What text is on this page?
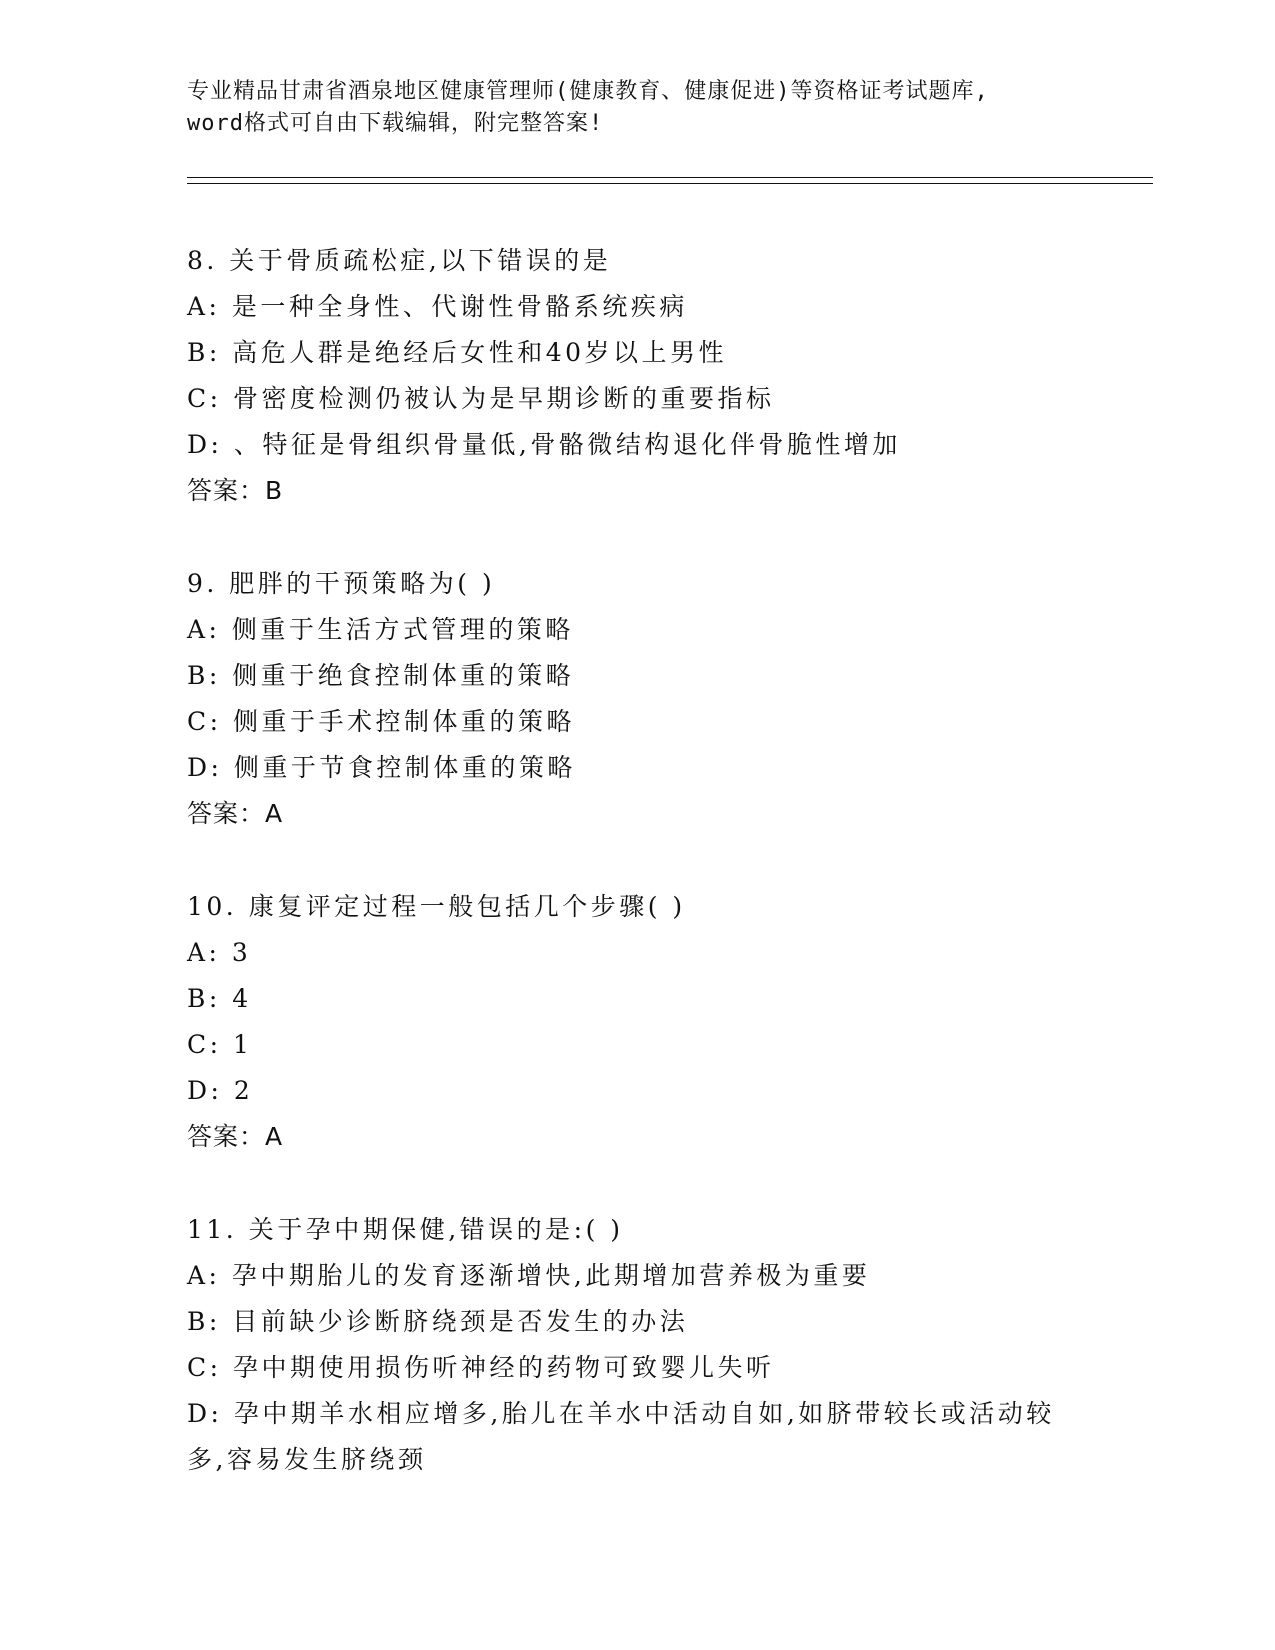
专业精品甘肃省酒泉地区健康管理师(健康教育、健康促进)等资格证考试题库,
word格式可自由下载编辑，附完整答案!
8. 关于骨质疏松症,以下错误的是
A: 是一种全身性、代谢性骨骼系统疾病
B: 高危人群是绝经后女性和40岁以上男性
C: 骨密度检测仍被认为是早期诊断的重要指标
D: 、特征是骨组织骨量低,骨骼微结构退化伴骨脆性增加
答案：B
9. 肥胖的干预策略为( )
A: 侧重于生活方式管理的策略
B: 侧重于绝食控制体重的策略
C: 侧重于手术控制体重的策略
D: 侧重于节食控制体重的策略
答案：A
10. 康复评定过程一般包括几个步骤( )
A: 3
B: 4
C: 1
D: 2
答案：A
11. 关于孕中期保健,错误的是:( )
A: 孕中期胎儿的发育逐渐增快,此期增加营养极为重要
B: 目前缺少诊断脐绕颈是否发生的办法
C: 孕中期使用损伤听神经的药物可致婴儿失听
D: 孕中期羊水相应增多,胎儿在羊水中活动自如,如脐带较长或活动较多,容易发生脐绕颈
